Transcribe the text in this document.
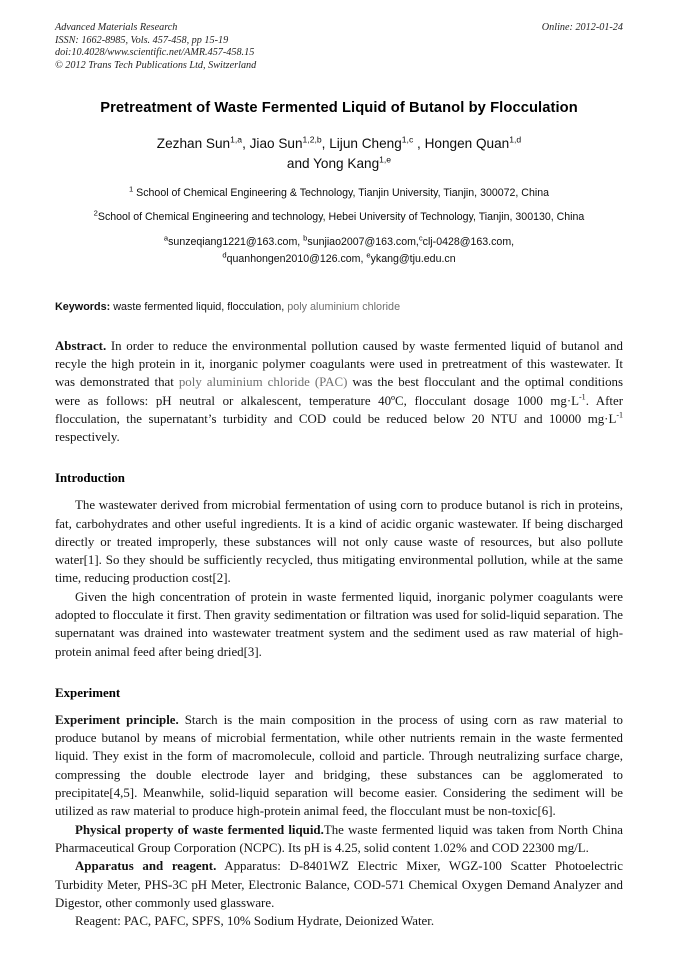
Advanced Materials Research
ISSN: 1662-8985, Vols. 457-458, pp 15-19
doi:10.4028/www.scientific.net/AMR.457-458.15
© 2012 Trans Tech Publications Ltd, Switzerland
Online: 2012-01-24
Pretreatment of Waste Fermented Liquid of Butanol by Flocculation
Zezhan Sun$^{1,a}$, Jiao Sun$^{1,2,b}$, Lijun Cheng$^{1,c}$ , Hongen Quan$^{1,d}$
and Yong Kang$^{1,e}$
$^1$ School of Chemical Engineering & Technology, Tianjin University, Tianjin, 300072, China
$^2$School of Chemical Engineering and technology, Hebei University of Technology, Tianjin, 300130, China
$^a$sunzeqiang1221@163.com, $^b$sunjiao2007@163.com,$^c$clj-0428@163.com,
$^d$quanhongen2010@126.com, $^e$ykang@tju.edu.cn
Keywords: waste fermented liquid, flocculation, poly aluminium chloride
Abstract. In order to reduce the environmental pollution caused by waste fermented liquid of butanol and recyle the high protein in it, inorganic polymer coagulants were used in pretreatment of this wastewater. It was demonstrated that poly aluminium chloride (PAC) was the best flocculant and the optimal conditions were as follows: pH neutral or alkalescent, temperature 40ºC, flocculant dosage 1000 $mg\cdot L^{-1}$. After flocculation, the supernatant’s turbidity and COD could be reduced below 20 NTU and 10000 $mg\cdot L^{-1}$ respectively.
Introduction

The wastewater derived from microbial fermentation of using corn to produce butanol is rich in proteins, fat, carbohydrates and other useful ingredients. It is a kind of acidic organic wastewater. If being discharged directly or treated improperly, these substances will not only cause waste of resources, but also pollute water[1]. So they should be sufficiently recycled, thus mitigating environmental pollution, while at the same time, reducing production cost[2].

Given the high concentration of protein in waste fermented liquid, inorganic polymer coagulants were adopted to flocculate it first. Then gravity sedimentation or filtration was used for solid-liquid separation. The supernatant was drained into wastewater treatment system and the sediment used as raw material of high-protein animal feed after being dried[3].

Experiment

Experiment principle. Starch is the main composition in the process of using corn as raw material to produce butanol by means of microbial fermentation, while other nutrients remain in the waste fermented liquid. They exist in the form of macromolecule, colloid and particle. Through neutralizing surface charge, compressing the double electrode layer and bridging, these substances can be agglomerated to precipitate[4,5]. Meanwhile, solid-liquid separation will become easier. Considering the sediment will be utilized as raw material to produce high-protein animal feed, the flocculant must be non-toxic[6].

Physical property of waste fermented liquid.The waste fermented liquid was taken from North China Pharmaceutical Group Corporation (NCPC). Its pH is 4.25, solid content 1.02% and COD 22300 mg/L.

Apparatus and reagent. Apparatus: D-8401WZ Electric Mixer, WGZ-100 Scatter Photoelectric Turbidity Meter, PHS-3C pH Meter, Electronic Balance, COD-571 Chemical Oxygen Demand Analyzer and Digestor, other commonly used glassware.

Reagent: PAC, PAFC, SPFS, 10% Sodium Hydrate, Deionized Water.
